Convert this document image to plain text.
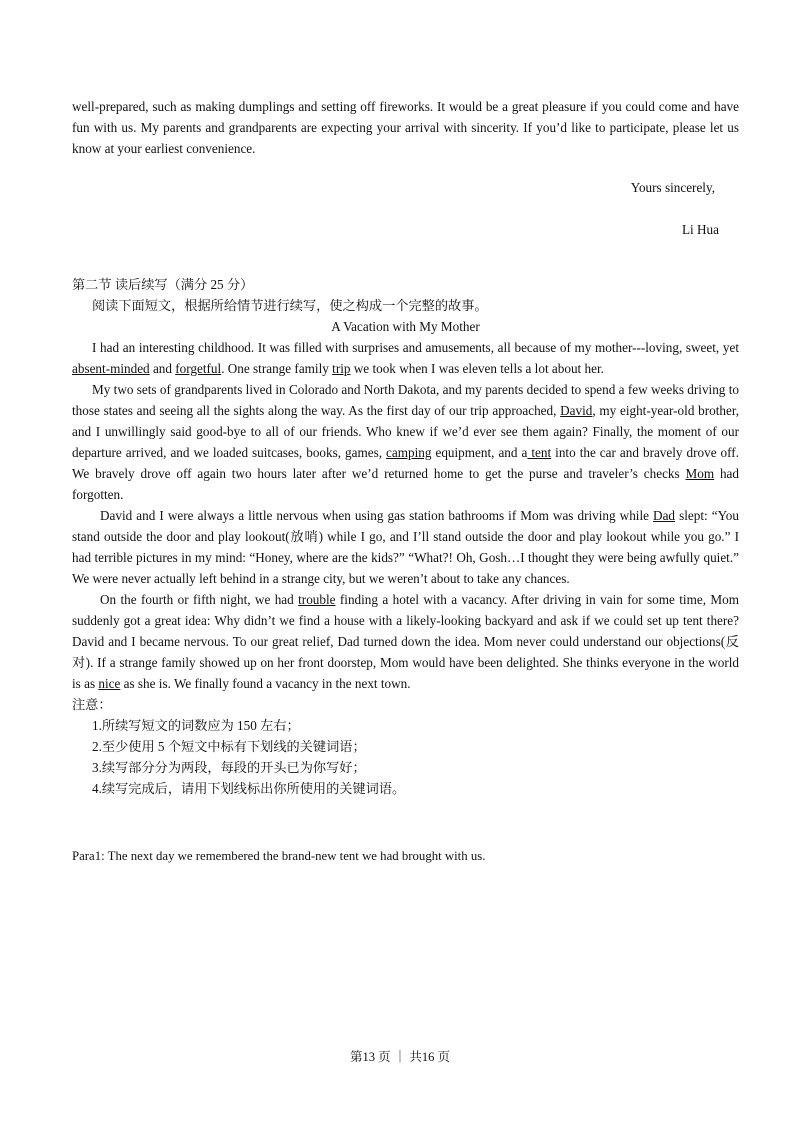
well-prepared, such as making dumplings and setting off fireworks. It would be a great pleasure if you could come and have fun with us. My parents and grandparents are expecting your arrival with sincerity. If you’d like to participate, please let us know at your earliest convenience.

Yours sincerely,

Li Hua

第二节 读后续写（满分 25 分）

阅读下面短文，根据所给情节进行续写，使之构成一个完整的故事。

A Vacation with My Mother

I had an interesting childhood. It was filled with surprises and amusements, all because of my mother---loving, sweet, yet absent-minded and forgetful. One strange family trip we took when I was eleven tells a lot about her.

My two sets of grandparents lived in Colorado and North Dakota, and my parents decided to spend a few weeks driving to those states and seeing all the sights along the way. As the first day of our trip approached, David, my eight-year-old brother, and I unwillingly said good-bye to all of our friends. Who knew if we’d ever see them again? Finally, the moment of our departure arrived, and we loaded suitcases, books, games, camping equipment, and a tent into the car and bravely drove off. We bravely drove off again two hours later after we’d returned home to get the purse and traveler’s checks Mom had forgotten.

David and I were always a little nervous when using gas station bathrooms if Mom was driving while Dad slept: “You stand outside the door and play lookout(放哨) while I go, and I’ll stand outside the door and play lookout while you go.” I had terrible pictures in my mind: “Honey, where are the kids?” “What?! Oh, Gosh…I thought they were being awfully quiet.” We were never actually left behind in a strange city, but we weren’t about to take any chances.

On the fourth or fifth night, we had trouble finding a hotel with a vacancy. After driving in vain for some time, Mom suddenly got a great idea: Why didn’t we find a house with a likely-looking backyard and ask if we could set up tent there? David and I became nervous. To our great relief, Dad turned down the idea. Mom never could understand our objections(反对). If a strange family showed up on her front doorstep, Mom would have been delighted. She thinks everyone in the world is as nice as she is. We finally found a vacancy in the next town.

注意：

1.所续写短文的词数应为 150 左右；

2.至少使用 5 个短文中标有下划线的关键词语；

3.续写部分分为两段，每段的开头已为你写好；

4.续写完成后，请用下划线标出你所使用的关键词语。

Para1: The next day we remembered the brand-new tent we had brought with us.

第13 页 ｜ 共16 页
